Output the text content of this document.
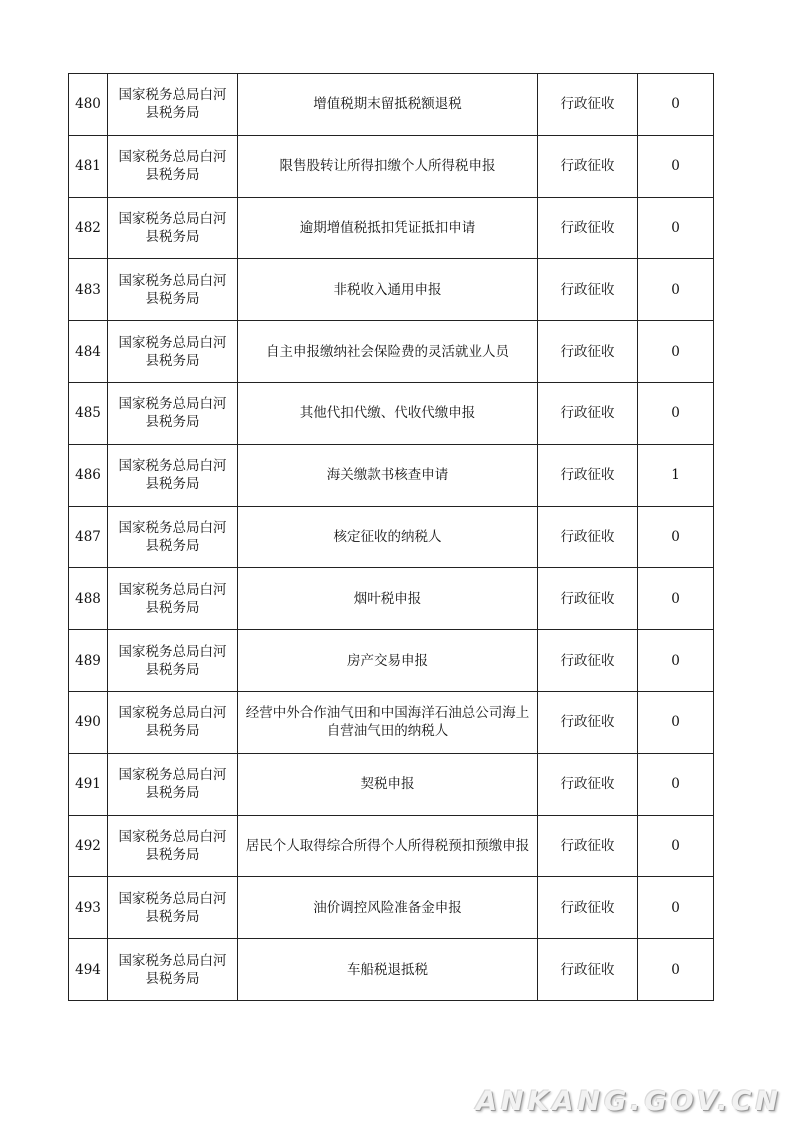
480	国家税务总局白河县税务局	增值税期末留抵税额退税	行政征收	0
481	国家税务总局白河县税务局	限售股转让所得扣缴个人所得税申报	行政征收	0
482	国家税务总局白河县税务局	逾期增值税抵扣凭证抵扣申请	行政征收	0
483	国家税务总局白河县税务局	非税收入通用申报	行政征收	0
484	国家税务总局白河县税务局	自主申报缴纳社会保险费的灵活就业人员	行政征收	0
485	国家税务总局白河县税务局	其他代扣代缴、代收代缴申报	行政征收	0
486	国家税务总局白河县税务局	海关缴款书核查申请	行政征收	1
487	国家税务总局白河县税务局	核定征收的纳税人	行政征收	0
488	国家税务总局白河县税务局	烟叶税申报	行政征收	0
489	国家税务总局白河县税务局	房产交易申报	行政征收	0
490	国家税务总局白河县税务局	经营中外合作油气田和中国海洋石油总公司海上自营油气田的纳税人	行政征收	0
491	国家税务总局白河县税务局	契税申报	行政征收	0
492	国家税务总局白河县税务局	居民个人取得综合所得个人所得税预扣预缴申报	行政征收	0
493	国家税务总局白河县税务局	油价调控风险准备金申报	行政征收	0
494	国家税务总局白河县税务局	车船税退抵税	行政征收	0
ANKANG.GOV.CN
